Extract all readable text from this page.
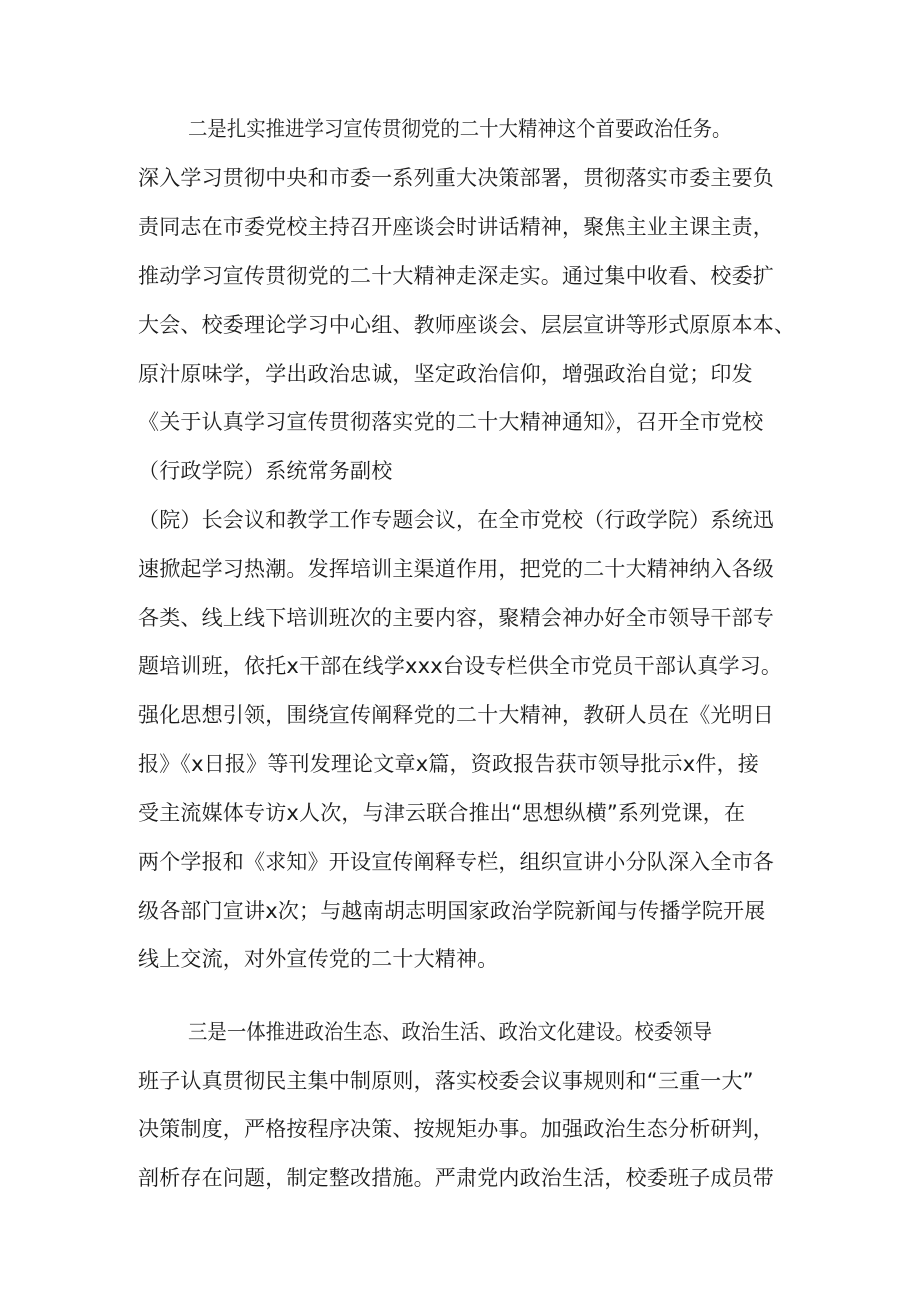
二是扎实推进学习宣传贯彻党的二十大精神这个首要政治任务。
深入学习贯彻中央和市委一系列重大决策部署，贯彻落实市委主要负
责同志在市委党校主持召开座谈会时讲话精神，聚焦主业主课主责，
推动学习宣传贯彻党的二十大精神走深走实。通过集中收看、校委扩
大会、校委理论学习中心组、教师座谈会、层层宣讲等形式原原本本、
原汁原味学，学出政治忠诚，坚定政治信仰，增强政治自觉；印发
《关于认真学习宣传贯彻落实党的二十大精神通知》，召开全市党校
（行政学院）系统常务副校
（院）长会议和教学工作专题会议，在全市党校（行政学院）系统迅
速掀起学习热潮。发挥培训主渠道作用，把党的二十大精神纳入各级
各类、线上线下培训班次的主要内容，聚精会神办好全市领导干部专
题培训班，依托x干部在线学xxx台设专栏供全市党员干部认真学习。
强化思想引领，围绕宣传阐释党的二十大精神，教研人员在《光明日
报》《x日报》等刊发理论文章x篇，资政报告获市领导批示x件，接
受主流媒体专访x人次，与津云联合推出“思想纵横”系列党课，在
两个学报和《求知》开设宣传阐释专栏，组织宣讲小分队深入全市各
级各部门宣讲x次；与越南胡志明国家政治学院新闻与传播学院开展
线上交流，对外宣传党的二十大精神。
三是一体推进政治生态、政治生活、政治文化建设。校委领导
班子认真贯彻民主集中制原则，落实校委会议事规则和“三重一大”
决策制度，严格按程序决策、按规矩办事。加强政治生态分析研判，
剖析存在问题，制定整改措施。严肃党内政治生活，校委班子成员带
